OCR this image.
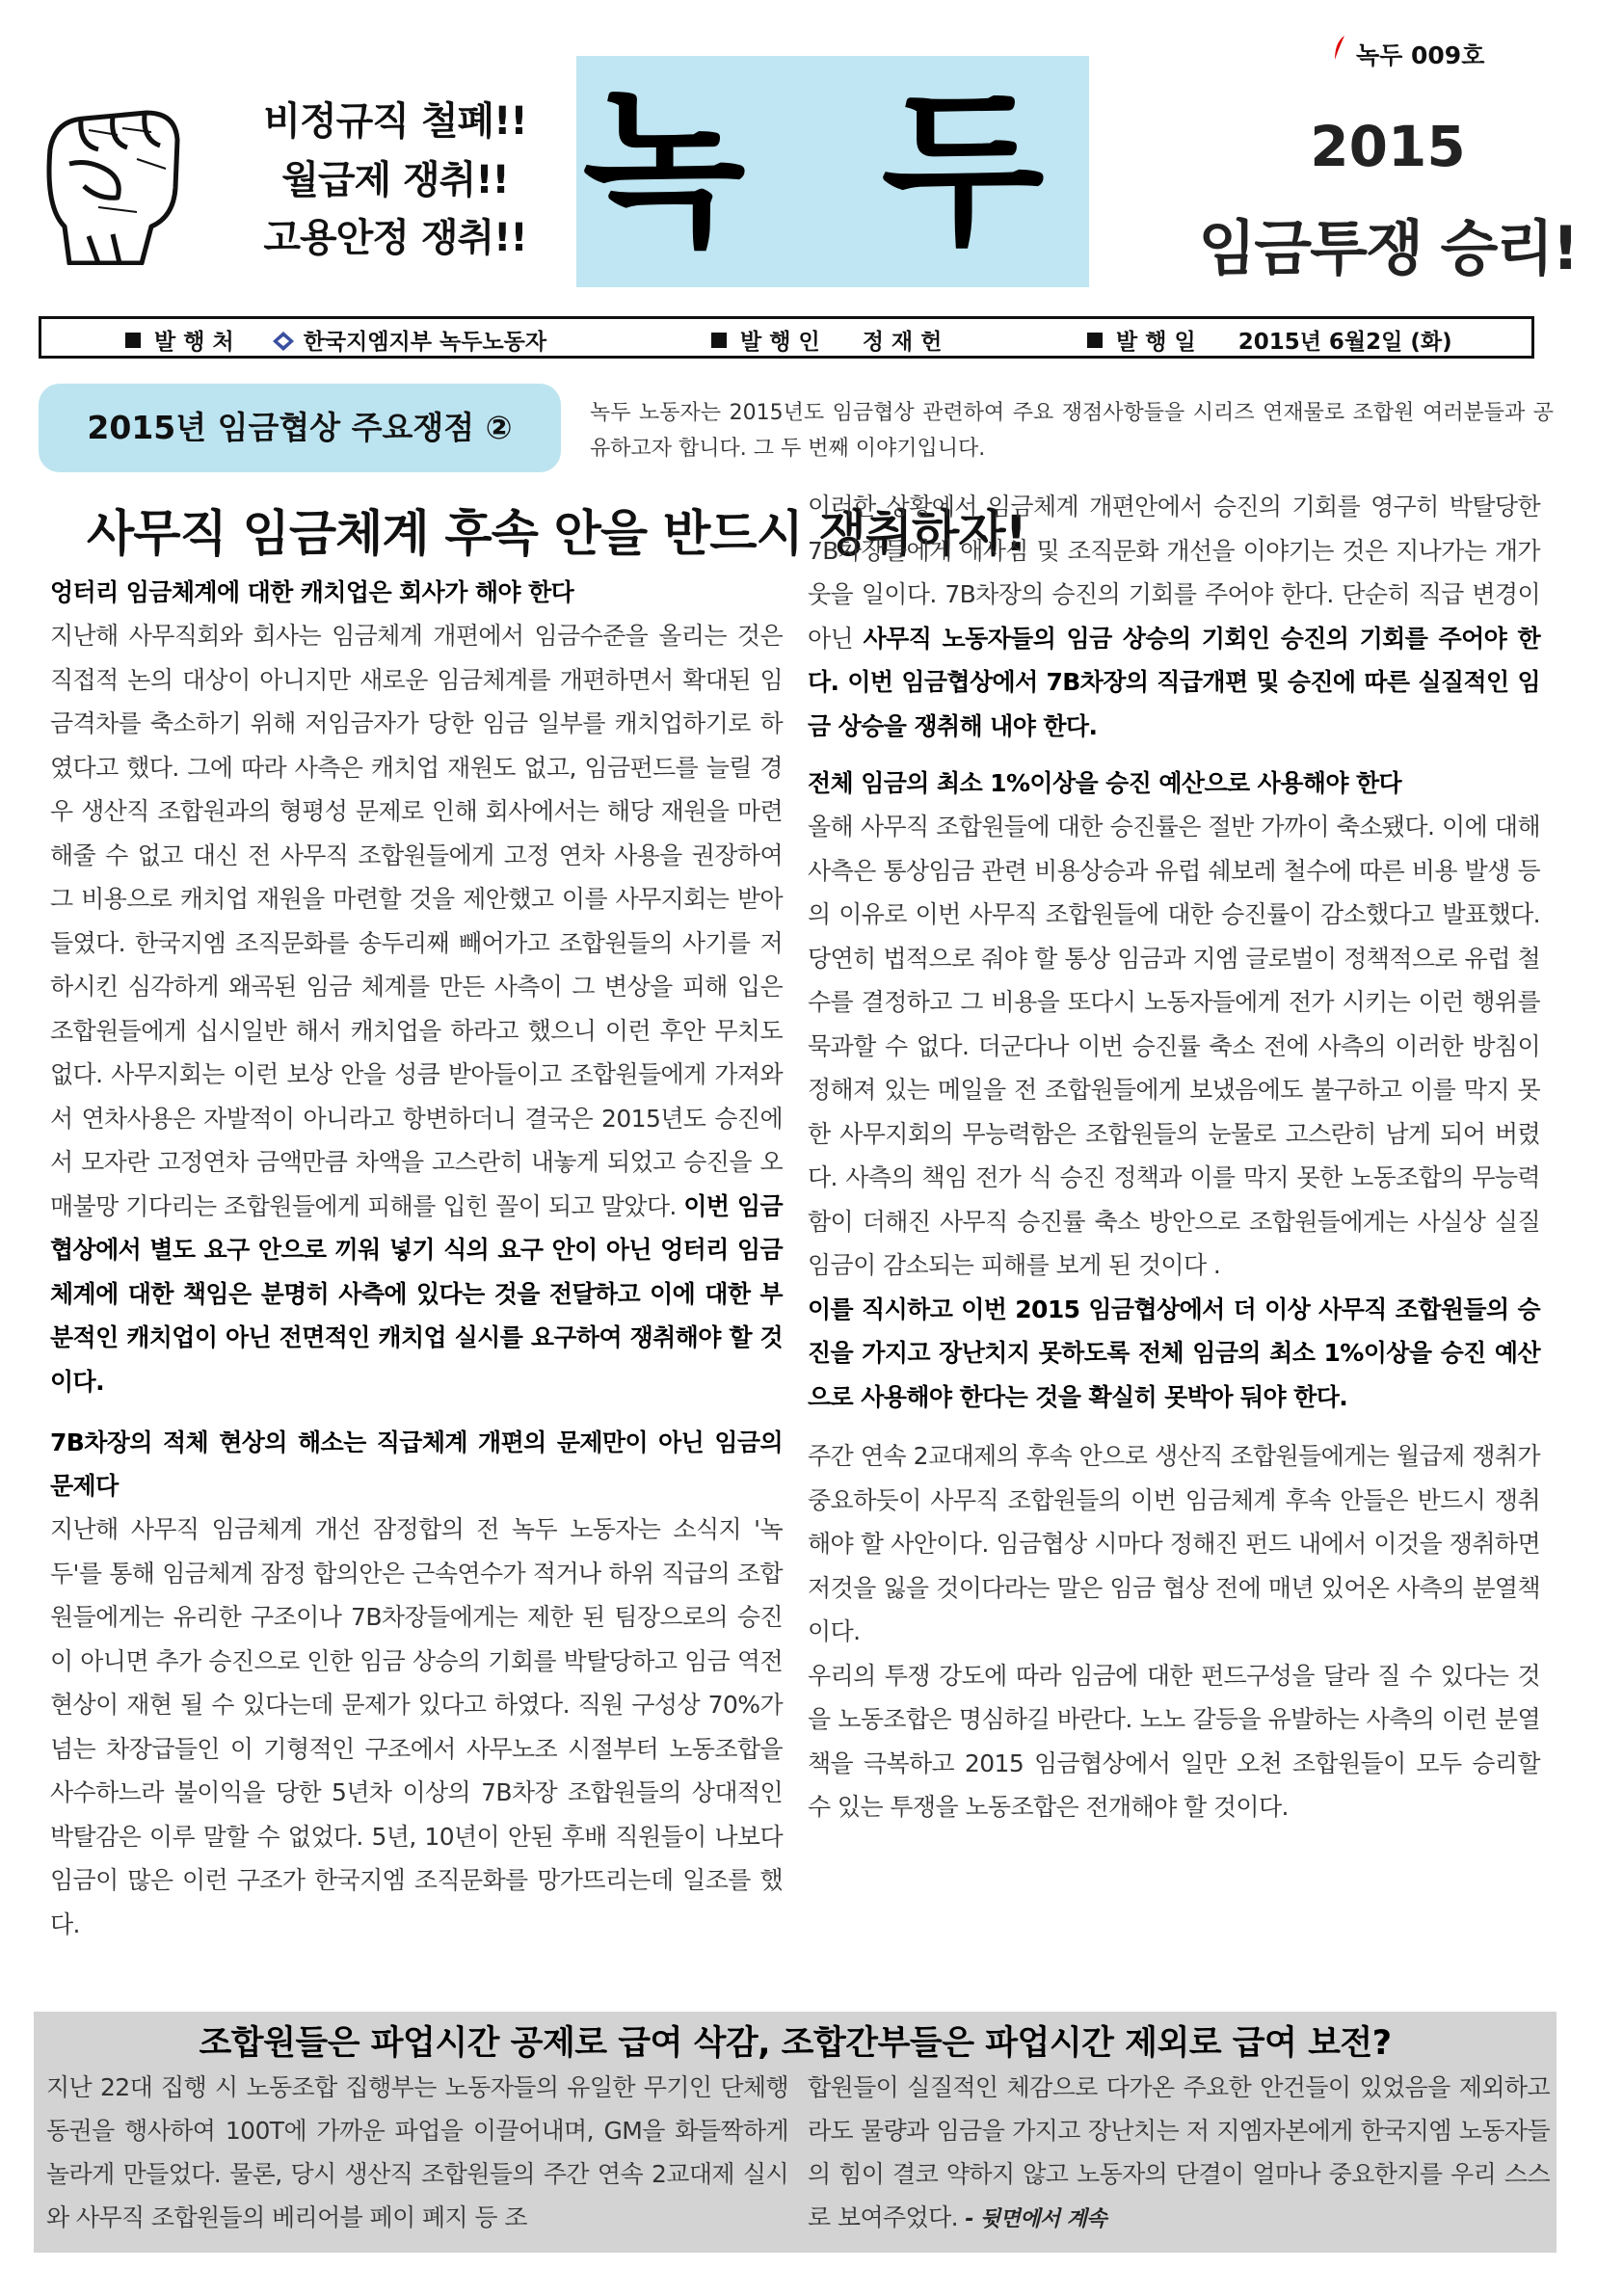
비정규직 철폐!!
월급제 쟁취!!
고용안정 쟁취!! 녹 두
녹두 009호
2015
임금투쟁 승리!
발 행 처	한국지엠지부 녹두노동자	발 행 인 정 재 헌	발 행 일 2015년 6월2일 (화)
2015년 임금협상 주요쟁점 ②	녹두 노동자는 2015년도 임금협상 관련하여 주요 쟁점사항들을 시리즈 연재물로 조합원 여러분들과 공유하고자 합니다. 그 두 번째 이야기입니다.
사무직 임금체계 후속 안을 반드시 쟁취하자!
엉터리 임금체계에 대한 캐치업은 회사가 해야 한다

지난해 사무직회와 회사는 임금체계 개편에서 임금수준을 올리는 것은 직접적 논의 대상이 아니지만 새로운 임금체계를 개편하면서 확대된 임금격차를 축소하기 위해 저임금자가 당한 임금 일부를 캐치업하기로 하였다고 했다. 그에 따라 사측은 캐치업 재원도 없고, 임금펀드를 늘릴 경우 생산직 조합원과의 형평성 문제로 인해 회사에서는 해당 재원을 마련해줄 수 없고 대신 전 사무직 조합원들에게 고정 연차 사용을 권장하여 그 비용으로 캐치업 재원을 마련할 것을 제안했고 이를 사무지회는 받아들였다. 한국지엠 조직문화를 송두리째 빼어가고 조합원들의 사기를 저하시킨 심각하게 왜곡된 임금 체계를 만든 사측이 그 변상을 피해 입은 조합원들에게 십시일반 해서 캐치업을 하라고 했으니 이런 후안 무치도 없다. 사무지회는 이런 보상 안을 성큼 받아들이고 조합원들에게 가져와서 연차사용은 자발적이 아니라고 항변하더니 결국은 2015년도 승진에서 모자란 고정연차 금액만큼 차액을 고스란히 내놓게 되었고 승진을 오매불망 기다리는 조합원들에게 피해를 입힌 꼴이 되고 말았다. 이번 임금 협상에서 별도 요구 안으로 끼워 넣기 식의 요구 안이 아닌 엉터리 임금체계에 대한 책임은 분명히 사측에 있다는 것을 전달하고 이에 대한 부분적인 캐치업이 아닌 전면적인 캐치업 실시를 요구하여 쟁취해야 할 것이다.

7B차장의 적체 현상의 해소는 직급체계 개편의 문제만이 아닌 임금의 문제다

지난해 사무직 임금체계 개선 잠정합의 전 녹두 노동자는 소식지 '녹두'를 통해 임금체계 잠정 합의안은 근속연수가 적거나 하위 직급의 조합원들에게는 유리한 구조이나 7B차장들에게는 제한 된 팀장으로의 승진이 아니면 추가 승진으로 인한 임금 상승의 기회를 박탈당하고 임금 역전 현상이 재현 될 수 있다는데 문제가 있다고 하였다. 직원 구성상 70%가 넘는 차장급들인 이 기형적인 구조에서 사무노조 시절부터 노동조합을 사수하느라 불이익을 당한 5년차 이상의 7B차장 조합원들의 상대적인 박탈감은 이루 말할 수 없었다. 5년, 10년이 안된 후배 직원들이 나보다 임금이 많은 이런 구조가 한국지엠 조직문화를 망가뜨리는데 일조를 했다.

이러한 상황에서 임금체계 개편안에서 승진의 기회를 영구히 박탈당한 7B차장들에게 애사심 및 조직문화 개선을 이야기는 것은 지나가는 개가 웃을 일이다. 7B차장의 승진의 기회를 주어야 한다. 단순히 직급 변경이 아닌 사무직 노동자들의 임금 상승의 기회인 승진의 기회를 주어야 한다. 이번 임금협상에서 7B차장의 직급개편 및 승진에 따른 실질적인 임금 상승을 쟁취해 내야 한다.

전체 임금의 최소 1%이상을 승진 예산으로 사용해야 한다

올해 사무직 조합원들에 대한 승진률은 절반 가까이 축소됐다. 이에 대해 사측은 통상임금 관련 비용상승과 유럽 쉐보레 철수에 따른 비용 발생 등의 이유로 이번 사무직 조합원들에 대한 승진률이 감소했다고 발표했다. 당연히 법적으로 줘야 할 통상 임금과 지엠 글로벌이 정책적으로 유럽 철수를 결정하고 그 비용을 또다시 노동자들에게 전가 시키는 이런 행위를 묵과할 수 없다. 더군다나 이번 승진률 축소 전에 사측의 이러한 방침이 정해져 있는 메일을 전 조합원들에게 보냈음에도 불구하고 이를 막지 못한 사무지회의 무능력함은 조합원들의 눈물로 고스란히 남게 되어 버렸다. 사측의 책임 전가 식 승진 정책과 이를 막지 못한 노동조합의 무능력함이 더해진 사무직 승진률 축소 방안으로 조합원들에게는 사실상 실질임금이 감소되는 피해를 보게 된 것이다 .

이를 직시하고 이번 2015 임금협상에서 더 이상 사무직 조합원들의 승진을 가지고 장난치지 못하도록 전체 임금의 최소 1%이상을 승진 예산으로 사용해야 한다는 것을 확실히 못박아 둬야 한다.

주간 연속 2교대제의 후속 안으로 생산직 조합원들에게는 월급제 쟁취가 중요하듯이 사무직 조합원들의 이번 임금체계 후속 안들은 반드시 쟁취해야 할 사안이다. 임금협상 시마다 정해진 펀드 내에서 이것을 쟁취하면 저것을 잃을 것이다라는 말은 임금 협상 전에 매년 있어온 사측의 분열책이다.

우리의 투쟁 강도에 따라 임금에 대한 펀드구성을 달라 질 수 있다는 것을 노동조합은 명심하길 바란다. 노노 갈등을 유발하는 사측의 이런 분열책을 극복하고 2015 임금협상에서 일만 오천 조합원들이 모두 승리할 수 있는 투쟁을 노동조합은 전개해야 할 것이다.

조합원들은 파업시간 공제로 급여 삭감, 조합간부들은 파업시간 제외로 급여 보전?
지난 22대 집행 시 노동조합 집행부는 노동자들의 유일한 무기인 단체행동권을 행사하여 100T에 가까운 파업을 이끌어내며, GM을 화들짝하게 놀라게 만들었다. 물론, 당시 생산직 조합원들의 주간 연속 2교대제 실시와 사무직 조합원들의 베리어블 페이 폐지 등 조
합원들이 실질적인 체감으로 다가온 주요한 안건들이 있었음을 제외하고라도 물량과 임금을 가지고 장난치는 저 지엠자본에게 한국지엠 노동자들의 힘이 결코 약하지 않고 노동자의 단결이 얼마나 중요한지를 우리 스스로 보여주었다. - 뒷면에서 계속
